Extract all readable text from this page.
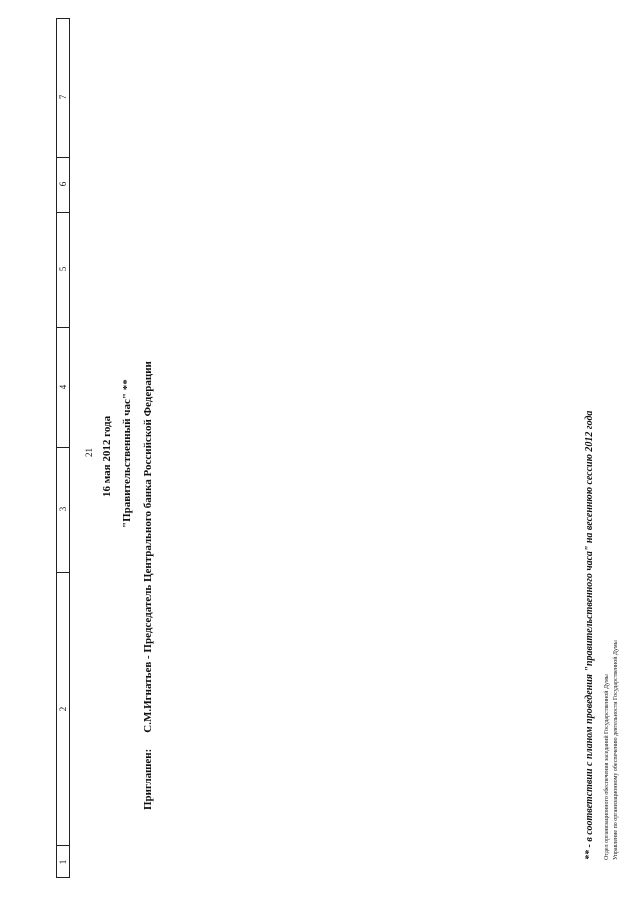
1
2
3
4
5
6
7
21 16 мая 2012 года "Правительственный час" **
Приглашен:С.М.Игнатьев - Председатель Центрального банка Российской Федерации	** - в соответствии с планом проведения "правительственного часа" на весеннюю сессию 2012 года Отдел организационного обеспечения заседаний Государственной Думы Управление по организационному обеспечению деятельности Государственной Думы
